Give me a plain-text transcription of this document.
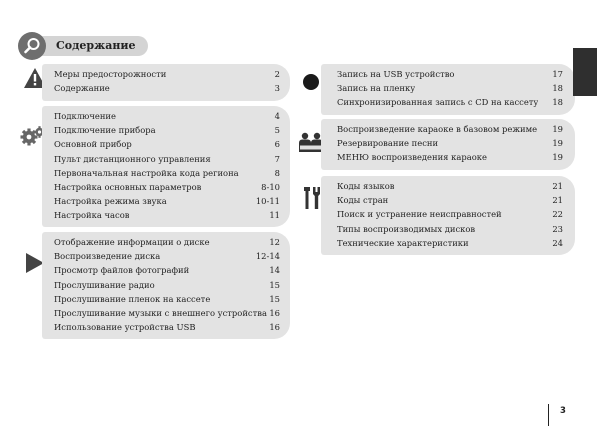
Содержание
Меры предосторожности	2
Содержание	3
Подключение	4
Подключение прибора	5
Основной прибор	6
Пульт дистанционного управления	7
Первоначальная настройка кода региона	8
Настройка основных параметров	8-10
Настройка режима звука	10-11
Настройка часов	11
Отображение информации о диске	12
Воспроизведение диска	12-14
Просмотр файлов фотографий	14
Прослушивание радио	15
Прослушивание пленок на кассете	15
Прослушивание музыки с внешнего устройства 16
Использование устройства USB	16
Запись на USB устройство	17
Запись на пленку	18
Синхронизированная запись с CD на кассету 18
Воспроизведение караоке в базовом режиме 19
Резервирование песни	19
МЕНЮ воспроизведения караоке	19
Коды языков	21
Коды стран	21
Поиск и устранение неисправностей	22
Типы воспроизводимых дисков	23
Технические характеристики	24
3
